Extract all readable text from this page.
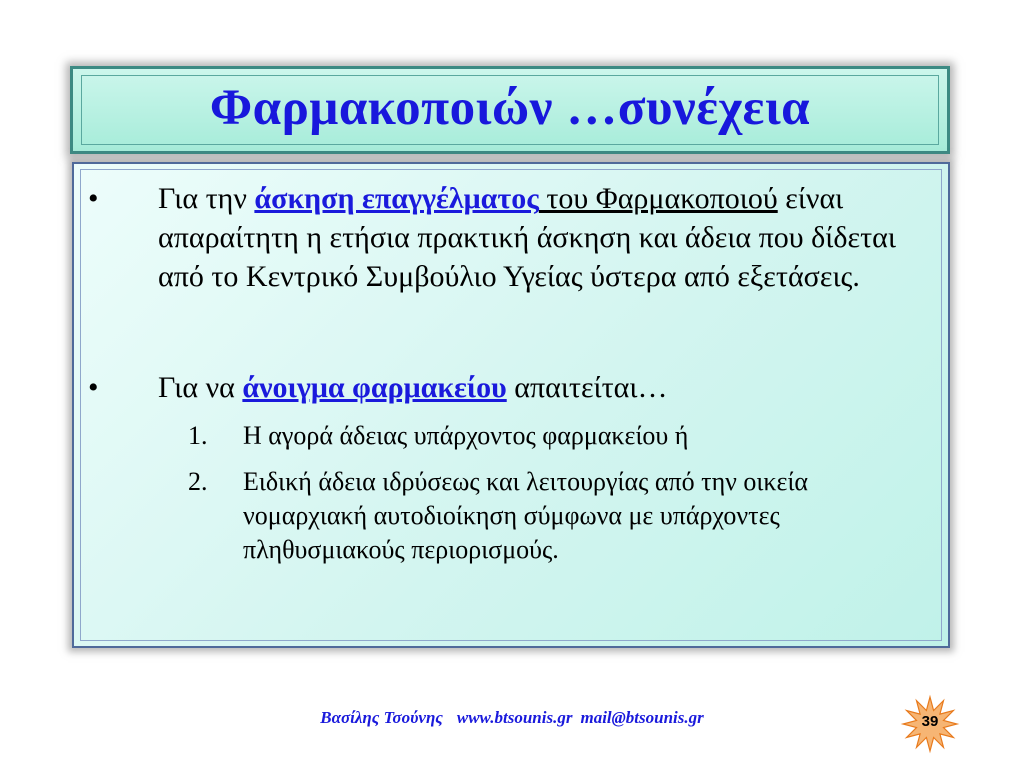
Φαρμακοποιών …συνέχεια
•	Για την άσκηση επαγγέλματος του Φαρμακοποιού είναι απαραίτητη η ετήσια πρακτική άσκηση και άδεια που δίδεται από το Κεντρικό Συμβούλιο Υγείας ύστερα από εξετάσεις.
•	Για να άνοιγμα φαρμακείου απαιτείται…
1.	Η αγορά άδειας υπάρχοντος φαρμακείου ή
2.	Ειδική άδεια ιδρύσεως και λειτουργίας από την οικεία νομαρχιακή αυτοδιοίκηση σύμφωνα με υπάρχοντες πληθυσμιακούς περιορισμούς.
Βασίλης Τσούνης www.btsounis.gr mail@btsounis.gr	39
